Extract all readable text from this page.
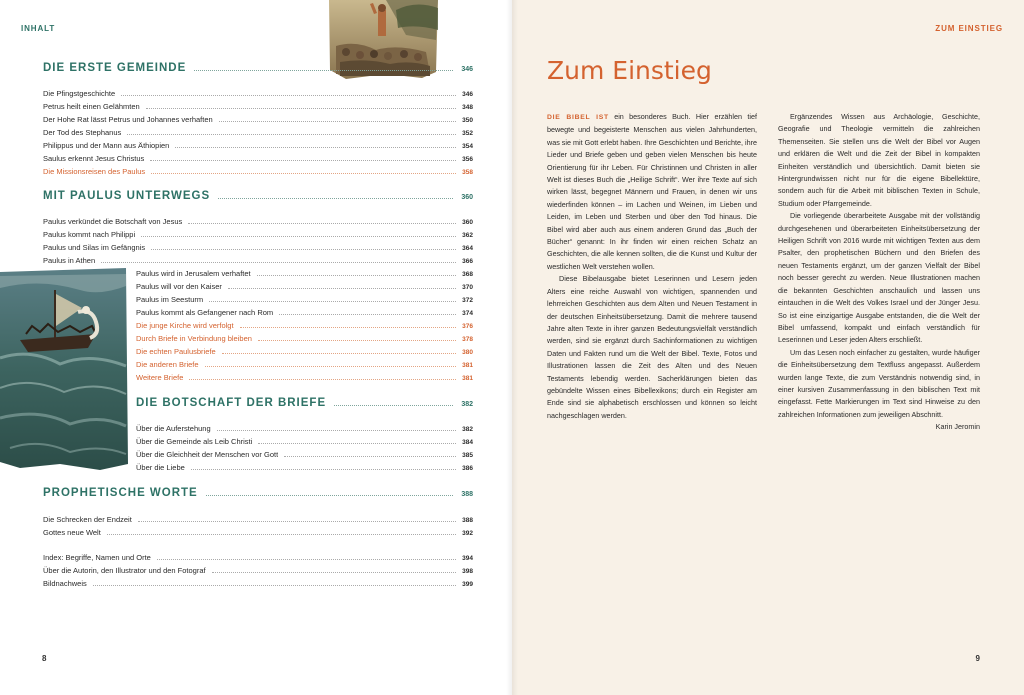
INHALT
DIE ERSTE GEMEINDE	346
Die Pfingstgeschichte	346
Petrus heilt einen Gelähmten	348
Der Hohe Rat lässt Petrus und Johannes verhaften	350
Der Tod des Stephanus	352
Philippus und der Mann aus Äthiopien	354
Saulus erkennt Jesus Christus	356
Die Missionsreisen des Paulus	358
MIT PAULUS UNTERWEGS	360
Paulus verkündet die Botschaft von Jesus	360
Paulus kommt nach Philippi	362
Paulus und Silas im Gefängnis	364
Paulus in Athen	366
Paulus wird in Jerusalem verhaftet	368
Paulus will vor den Kaiser	370
Paulus im Seesturm	372
Paulus kommt als Gefangener nach Rom	374
Die junge Kirche wird verfolgt	376
Durch Briefe in Verbindung bleiben	378
Die echten Paulusbriefe	380
Die anderen Briefe	381
Weitere Briefe	381
DIE BOTSCHAFT DER BRIEFE	382
Über die Auferstehung	382
Über die Gemeinde als Leib Christi	384
Über die Gleichheit der Menschen vor Gott	385
Über die Liebe	386
PROPHETISCHE WORTE	388
Die Schrecken der Endzeit	388
Gottes neue Welt	392
Index: Begriffe, Namen und Orte	394
Über die Autorin, den Illustrator und den Fotograf	398
Bildnachweis	399
8
ZUM EINSTIEG
Zum Einstieg

DIE BIBEL IST ein besonderes Buch. Hier erzählen tief bewegte und begeisterte Menschen aus vielen Jahrhunderten, was sie mit Gott erlebt haben. Ihre Geschichten und Berichte, ihre Lieder und Briefe geben und geben vielen Menschen bis heute Orientierung für ihr Leben. Für Christinnen und Christen in aller Welt ist dieses Buch die „Heilige Schrift“. Wer ihre Texte auf sich wirken lässt, begegnet Männern und Frauen, in denen wir uns wiederfinden können – im Lachen und Weinen, im Lieben und Leiden, im Leben und Sterben und über den Tod hinaus. Die Bibel wird aber auch aus einem anderen Grund das „Buch der Bücher“ genannt: In ihr finden wir einen reichen Schatz an Geschichten, die alle kennen sollten, die die Kunst und Kultur der westlichen Welt verstehen wollen.

Diese Bibelausgabe bietet Leserinnen und Lesern jeden Alters eine reiche Auswahl von wichtigen, spannenden und lehrreichen Geschichten aus dem Alten und Neuen Testament in der deutschen Einheitsübersetzung. Damit die mehrere tausend Jahre alten Texte in ihrer ganzen Bedeutungsvielfalt verständlich werden, sind sie ergänzt durch Sachinformationen zu wichtigen Daten und Fakten rund um die Welt der Bibel. Texte, Fotos und Illustrationen lassen die Zeit des Alten und des Neuen Testaments lebendig werden. Sacherklärungen bieten das gebündelte Wissen eines Bibellexikons; durch ein Register am Ende sind sie alphabetisch erschlossen und können so leicht nachgeschlagen werden.

Ergänzendes Wissen aus Archäologie, Geschichte, Geografie und Theologie vermitteln die zahlreichen Themenseiten. Sie stellen uns die Welt der Bibel vor Augen und erklären die Welt und die Zeit der Bibel in kompakten Einheiten verständlich und übersichtlich. Damit bieten sie Hintergrundwissen nicht nur für die eigene Bibellektüre, sondern auch für die Arbeit mit biblischen Texten in Schule, Studium oder Pfarrgemeinde.

Die vorliegende überarbeitete Ausgabe mit der vollständig durchgesehenen und überarbeiteten Einheitsübersetzung der Heiligen Schrift von 2016 wurde mit wichtigen Texten aus dem Psalter, den prophetischen Büchern und den Briefen des neuen Testaments ergänzt, um der ganzen Vielfalt der Bibel noch besser gerecht zu werden. Neue Illustrationen machen die bekannten Geschichten anschaulich und lassen uns eintauchen in die Welt des Volkes Israel und der Jünger Jesu. So ist eine einzigartige Ausgabe entstanden, die die Welt der Bibel umfassend, kompakt und einfach verständlich für Leserinnen und Leser jeden Alters erschließt.

Um das Lesen noch einfacher zu gestalten, wurde häufiger die Einheitsübersetzung dem Textfluss angepasst. Außerdem wurden lange Texte, die zum Verständnis notwendig sind, in einer kursiven Zusammenfassung in den biblischen Text mit eingefasst. Fette Markierungen im Text sind Hinweise zu den zahlreichen Informationen zum jeweiligen Abschnitt.

Karin Jeromin

9
